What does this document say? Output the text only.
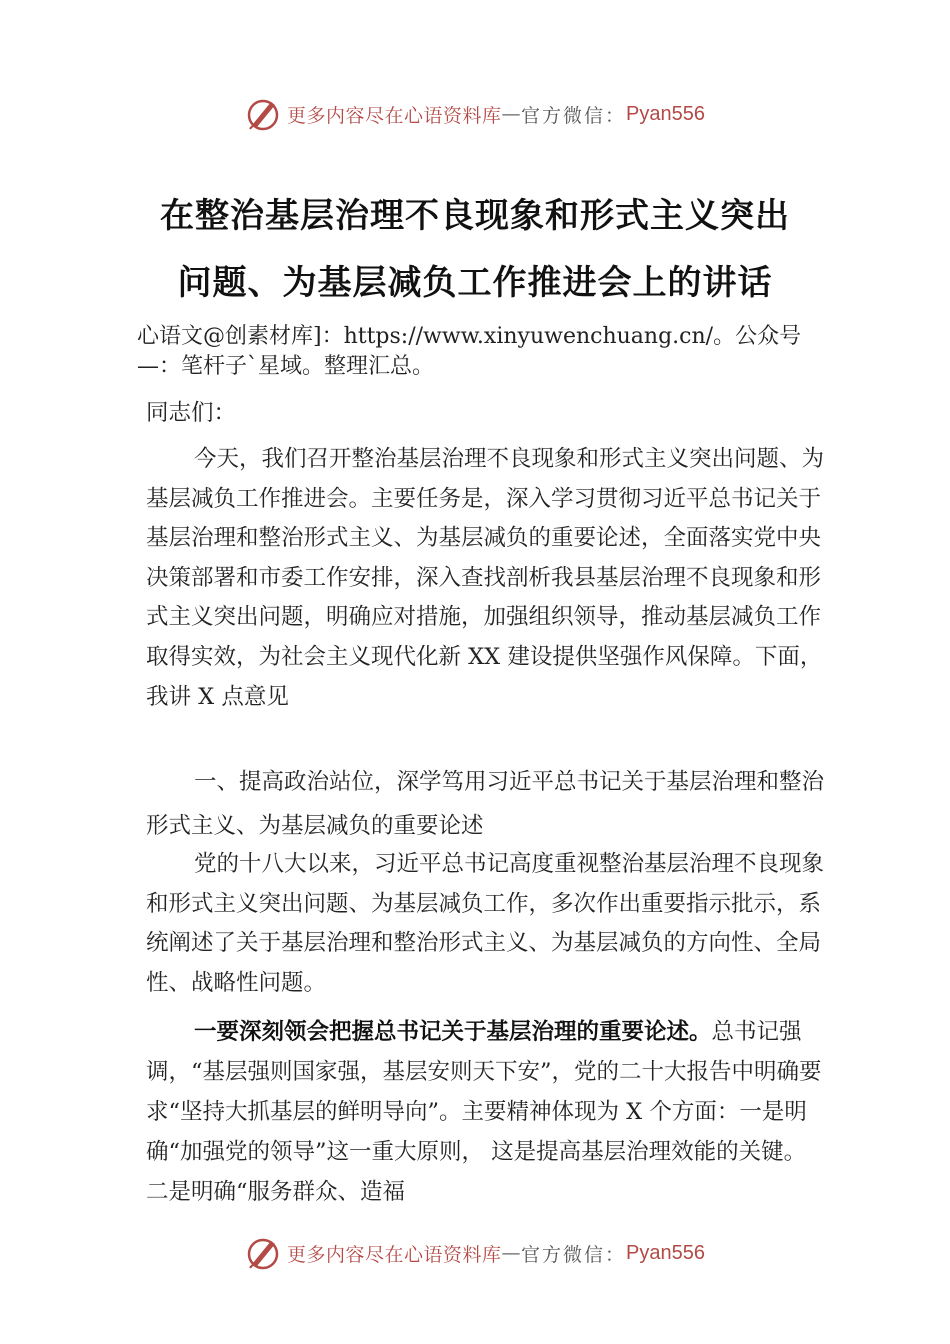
更多内容尽在心语资料库 — 官方微信： Pyan556
在整治基层治理不良现象和形式主义突出
问题、为基层减负工作推进会上的讲话
心语文@创素材库]：https://www.xinyuwenchuang.cn/。公众号—：笔杆子`星域。整理汇总。
同志们：
今天，我们召开整治基层治理不良现象和形式主义突出问题、为基层减负工作推进会。主要任务是，深入学习贯彻习近平总书记关于基层治理和整治形式主义、为基层减负的重要论述，全面落实党中央决策部署和市委工作安排，深入查找剖析我县基层治理不良现象和形式主义突出问题，明确应对措施，加强组织领导，推动基层减负工作取得实效，为社会主义现代化新 XX 建设提供坚强作风保障。下面，我讲 X 点意见
一、提高政治站位，深学笃用习近平总书记关于基层治理和整治形式主义、为基层减负的重要论述
党的十八大以来，习近平总书记高度重视整治基层治理不良现象和形式主义突出问题、为基层减负工作，多次作出重要指示批示，系统阐述了关于基层治理和整治形式主义、为基层减负的方向性、全局性、战略性问题。
一要深刻领会把握总书记关于基层治理的重要论述。总书记强调，“基层强则国家强，基层安则天下安”，党的二十大报告中明确要求“坚持大抓基层的鲜明导向”。主要精神体现为 X 个方面：一是明确“加强党的领导”这一重大原则， 这是提高基层治理效能的关键。二是明确“服务群众、造福
更多内容尽在心语资料库 — 官方微信： Pyan556
